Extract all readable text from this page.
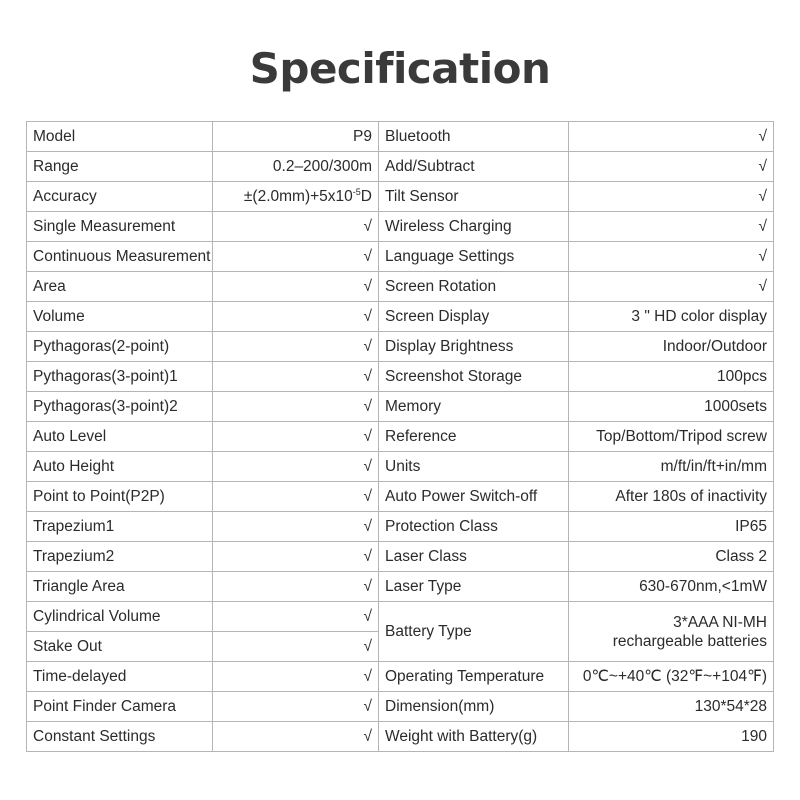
Specification
Model	P9	Bluetooth	√
Range	0.2–200/300m	Add/Subtract	√
Accuracy	$\pm(2.0mm)+5x10^{-5}D$	Tilt Sensor	√
Single Measurement	√	Wireless Charging	√
Continuous Measurement	√	Language Settings	√
Area	√	Screen Rotation	√
Volume	√	Screen Display	3 " HD color display
Pythagoras(2-point)	√	Display Brightness	Indoor/Outdoor
Pythagoras(3-point)1	√	Screenshot Storage	100pcs
Pythagoras(3-point)2	√	Memory	1000sets
Auto Level	√	Reference	Top/Bottom/Tripod screw
Auto Height	√	Units	m/ft/in/ft+in/mm
Point to Point(P2P)	√	Auto Power Switch-off	After 180s of inactivity
Trapezium1	√	Protection Class	IP65
Trapezium2	√	Laser Class	Class 2
Triangle Area	√	Laser Type	630-670nm,<1mW
Cylindrical Volume	√	Battery Type	3*AAA NI-MH
rechargeable batteries
Stake Out	√		
Time-delayed	√	Operating Temperature	0℃~+40℃ (32℉~+104℉)
Point Finder Camera	√	Dimension(mm)	130*54*28
Constant Settings	√	Weight with Battery(g)	190
